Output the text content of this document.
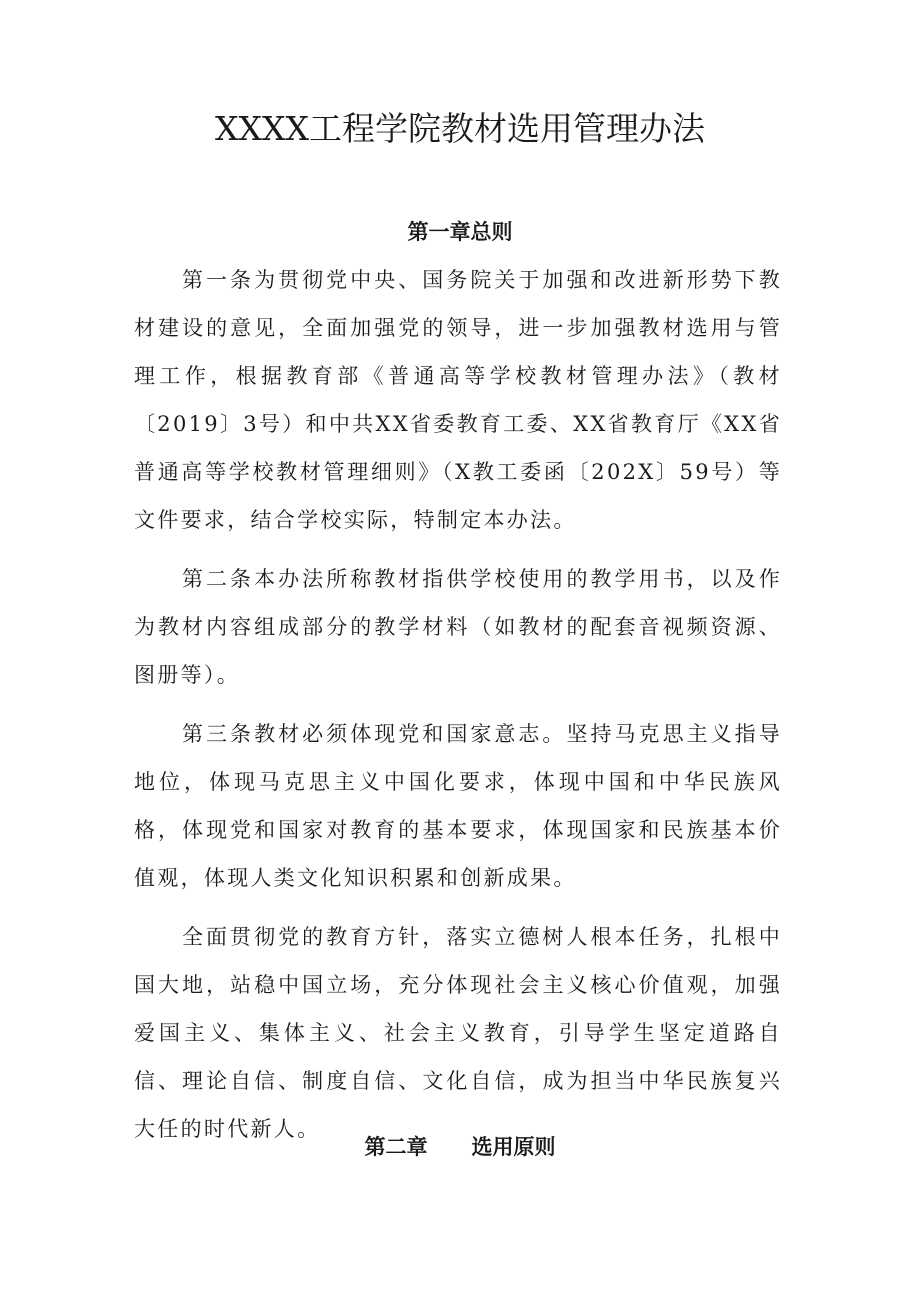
XXXX工程学院教材选用管理办法
第一章总则

第一条为贯彻党中央、国务院关于加强和改进新形势下教材建设的意见，全面加强党的领导，进一步加强教材选用与管理工作，根据教育部《普通高等学校教材管理办法》（教材〔2019〕3号）和中共XX省委教育工委、XX省教育厅《XX省普通高等学校教材管理细则》（X教工委函〔202X〕59号）等文件要求，结合学校实际，特制定本办法。

第二条本办法所称教材指供学校使用的教学用书，以及作为教材内容组成部分的教学材料（如教材的配套音视频资源、图册等）。

第三条教材必须体现党和国家意志。坚持马克思主义指导地位，体现马克思主义中国化要求，体现中国和中华民族风格，体现党和国家对教育的基本要求，体现国家和民族基本价值观，体现人类文化知识积累和创新成果。

全面贯彻党的教育方针，落实立德树人根本任务，扎根中国大地，站稳中国立场，充分体现社会主义核心价值观，加强爱国主义、集体主义、社会主义教育，引导学生坚定道路自信、理论自信、制度自信、文化自信，成为担当中华民族复兴大任的时代新人。

第二章 选用原则
